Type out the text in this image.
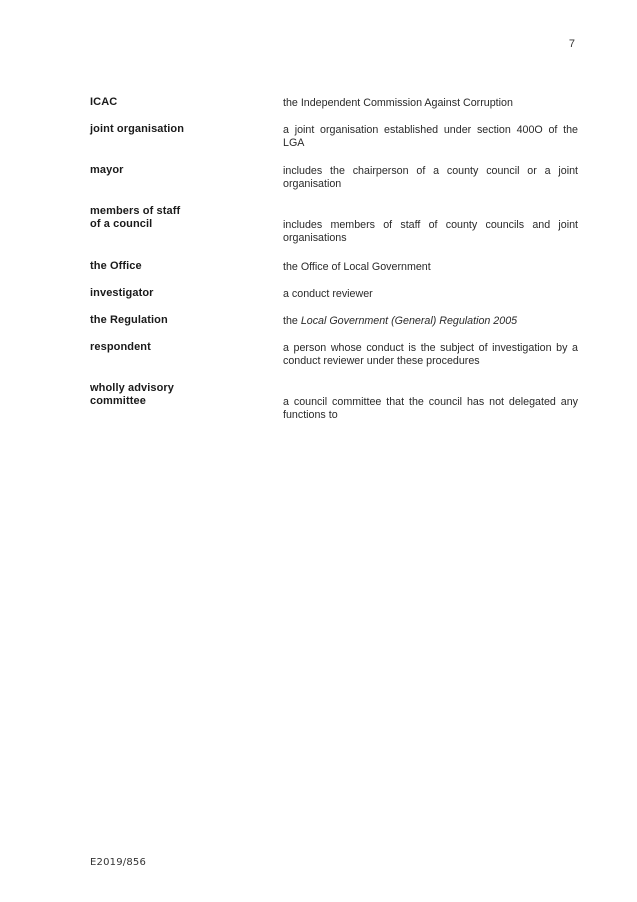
7
ICAC	the Independent Commission Against Corruption
joint organisation	a joint organisation established under section 400O of the LGA
mayor	includes the chairperson of a county council or a joint organisation
members of staff
of a council	includes members of staff of county councils and joint organisations
the Office	the Office of Local Government
investigator	a conduct reviewer
the Regulation	the Local Government (General) Regulation 2005
respondent	a person whose conduct is the subject of investigation by a conduct reviewer under these procedures
wholly advisory
committee	a council committee that the council has not delegated any functions to
E2019/856
